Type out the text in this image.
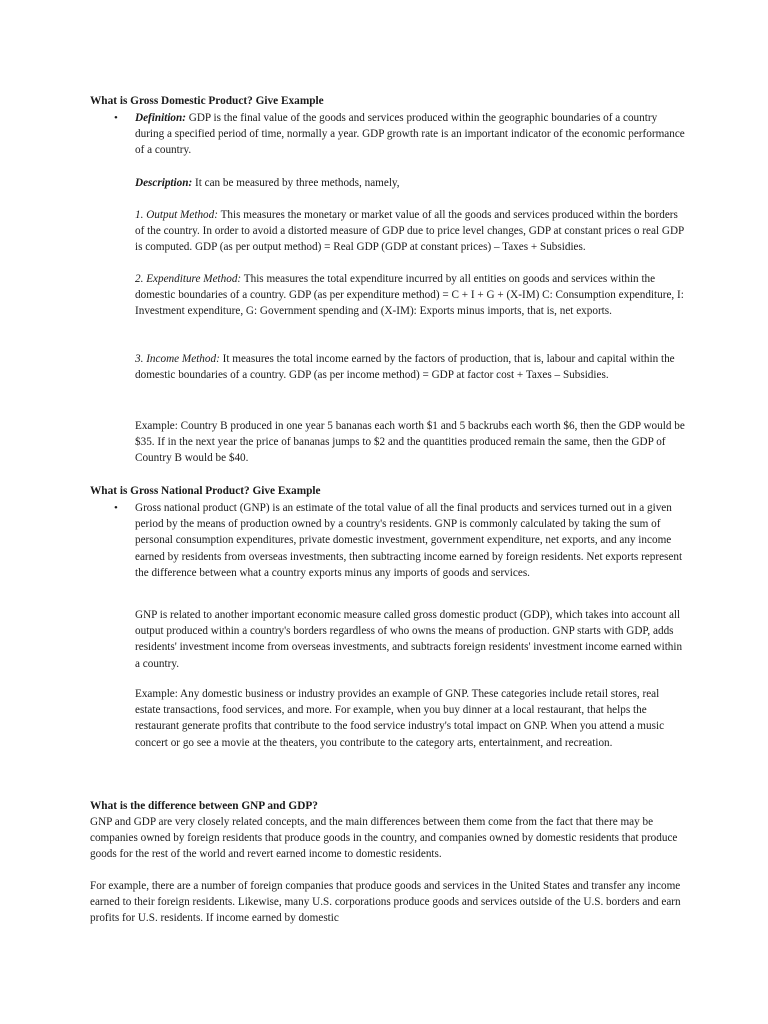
What is Gross Domestic Product? Give Example
• Definition: GDP is the final value of the goods and services produced within the geographic boundaries of a country during a specified period of time, normally a year. GDP growth rate is an important indicator of the economic performance of a country.

Description: It can be measured by three methods, namely,

1. Output Method: This measures the monetary or market value of all the goods and services produced within the borders of the country. In order to avoid a distorted measure of GDP due to price level changes, GDP at constant prices o real GDP is computed. GDP (as per output method) = Real GDP (GDP at constant prices) – Taxes + Subsidies.

2. Expenditure Method: This measures the total expenditure incurred by all entities on goods and services within the domestic boundaries of a country. GDP (as per expenditure method) = C + I + G + (X-IM) C: Consumption expenditure, I: Investment expenditure, G: Government spending and (X-IM): Exports minus imports, that is, net exports.

3. Income Method: It measures the total income earned by the factors of production, that is, labour and capital within the domestic boundaries of a country. GDP (as per income method) = GDP at factor cost + Taxes – Subsidies.

Example: Country B produced in one year 5 bananas each worth $1 and 5 backrubs each worth $6, then the GDP would be $35. If in the next year the price of bananas jumps to $2 and the quantities produced remain the same, then the GDP of Country B would be $40.

What is Gross National Product? Give Example
• Gross national product (GNP) is an estimate of the total value of all the final products and services turned out in a given period by the means of production owned by a country's residents. GNP is commonly calculated by taking the sum of personal consumption expenditures, private domestic investment, government expenditure, net exports, and any income earned by residents from overseas investments, then subtracting income earned by foreign residents. Net exports represent the difference between what a country exports minus any imports of goods and services.

GNP is related to another important economic measure called gross domestic product (GDP), which takes into account all output produced within a country's borders regardless of who owns the means of production. GNP starts with GDP, adds residents' investment income from overseas investments, and subtracts foreign residents' investment income earned within a country.

Example: Any domestic business or industry provides an example of GNP. These categories include retail stores, real estate transactions, food services, and more. For example, when you buy dinner at a local restaurant, that helps the restaurant generate profits that contribute to the food service industry's total impact on GNP. When you attend a music concert or go see a movie at the theaters, you contribute to the category arts, entertainment, and recreation.

What is the difference between GNP and GDP?

GNP and GDP are very closely related concepts, and the main differences between them come from the fact that there may be companies owned by foreign residents that produce goods in the country, and companies owned by domestic residents that produce goods for the rest of the world and revert earned income to domestic residents.

For example, there are a number of foreign companies that produce goods and services in the United States and transfer any income earned to their foreign residents. Likewise, many U.S. corporations produce goods and services outside of the U.S. borders and earn profits for U.S. residents. If income earned by domestic
